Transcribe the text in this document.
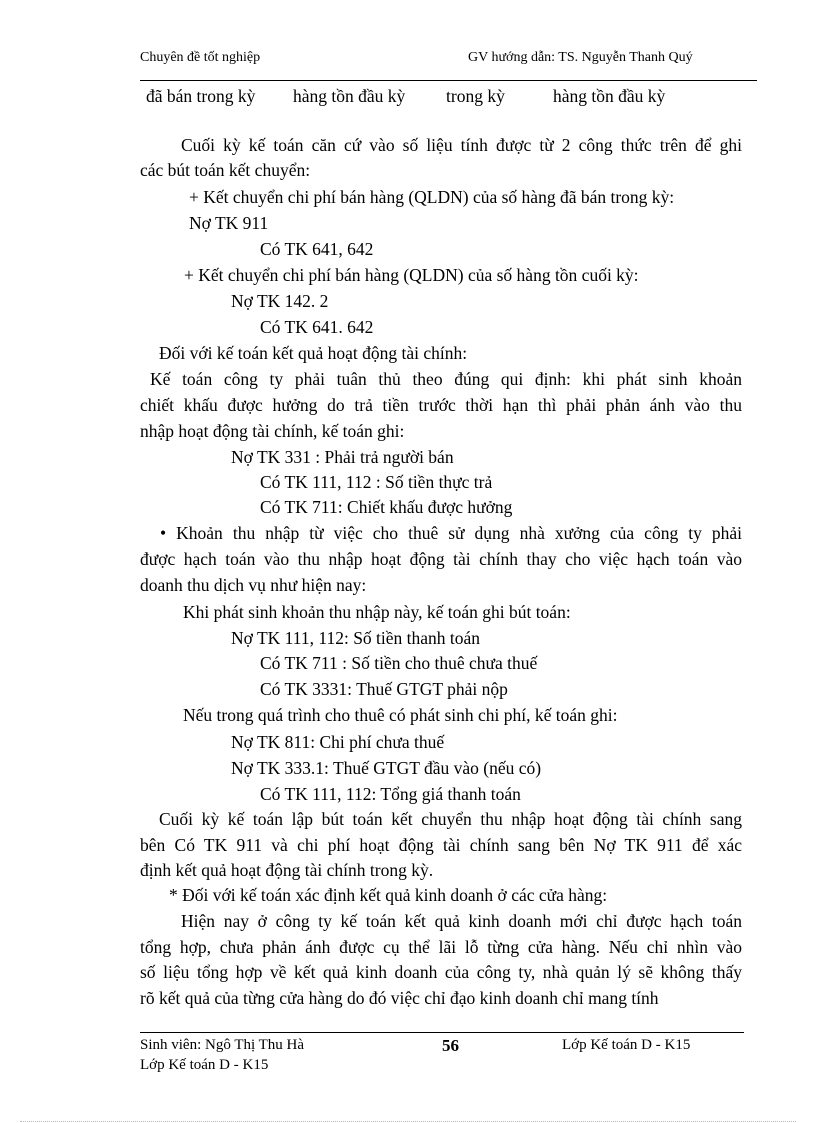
Chuyên đề tốt nghiệp	GV hướng dẫn: TS. Nguyễn Thanh Quý
đã bán trong kỳ hàng tồn đầu kỳ trong kỳ	hàng tồn đầu kỳ
Cuối kỳ kế toán căn cứ vào số liệu tính được từ 2 công thức trên để ghi
các bút toán kết chuyển:
+ Kết chuyển chi phí bán hàng (QLDN) của số hàng đã bán trong kỳ:
Nợ TK 911
Có TK 641, 642
+ Kết chuyển chi phí bán hàng (QLDN) của số hàng tồn cuối kỳ:
Nợ TK 142. 2
Có TK 641. 642
Đối với kế toán kết quả hoạt động tài chính:
Kế toán công ty phải tuân thủ theo đúng qui định: khi phát sinh khoản
chiết khấu được hưởng do trả tiền trước thời hạn thì phải phản ánh vào thu
nhập hoạt động tài chính, kế toán ghi:
Nợ TK 331 : Phải trả người bán
Có TK 111, 112 : Số tiền thực trả
Có TK 711: Chiết khấu được hưởng
• Khoản thu nhập từ việc cho thuê sử dụng nhà xưởng của công ty phải
được hạch toán vào thu nhập hoạt động tài chính thay cho việc hạch toán vào
doanh thu dịch vụ như hiện nay:
Khi phát sinh khoản thu nhập này, kế toán ghi bút toán:
Nợ TK 111, 112: Số tiền thanh toán
Có TK 711 : Số tiền cho thuê chưa thuế
Có TK 3331: Thuế GTGT phải nộp
Nếu trong quá trình cho thuê có phát sinh chi phí, kế toán ghi:
Nợ TK 811: Chi phí chưa thuế
Nợ TK 333.1: Thuế GTGT đầu vào (nếu có)
Có TK 111, 112: Tổng giá thanh toán
Cuối kỳ kế toán lập bút toán kết chuyển thu nhập hoạt động tài chính sang
bên Có TK 911 và chi phí hoạt động tài chính sang bên Nợ TK 911 để xác
định kết quả hoạt động tài chính trong kỳ.
* Đối với kế toán xác định kết quả kinh doanh ở các cửa hàng:
Hiện nay ở công ty kế toán kết quả kinh doanh mới chỉ được hạch toán
tổng hợp, chưa phản ánh được cụ thể lãi lỗ từng cửa hàng. Nếu chỉ nhìn vào
số liệu tổng hợp về kết quả kinh doanh của công ty, nhà quản lý sẽ không thấy
rõ kết quả của từng cửa hàng do đó việc chỉ đạo kinh doanh chỉ mang tính
Sinh viên: Ngô Thị Thu Hà	56	Lớp Kế toán D - K15
Lớp Kế toán D - K15
